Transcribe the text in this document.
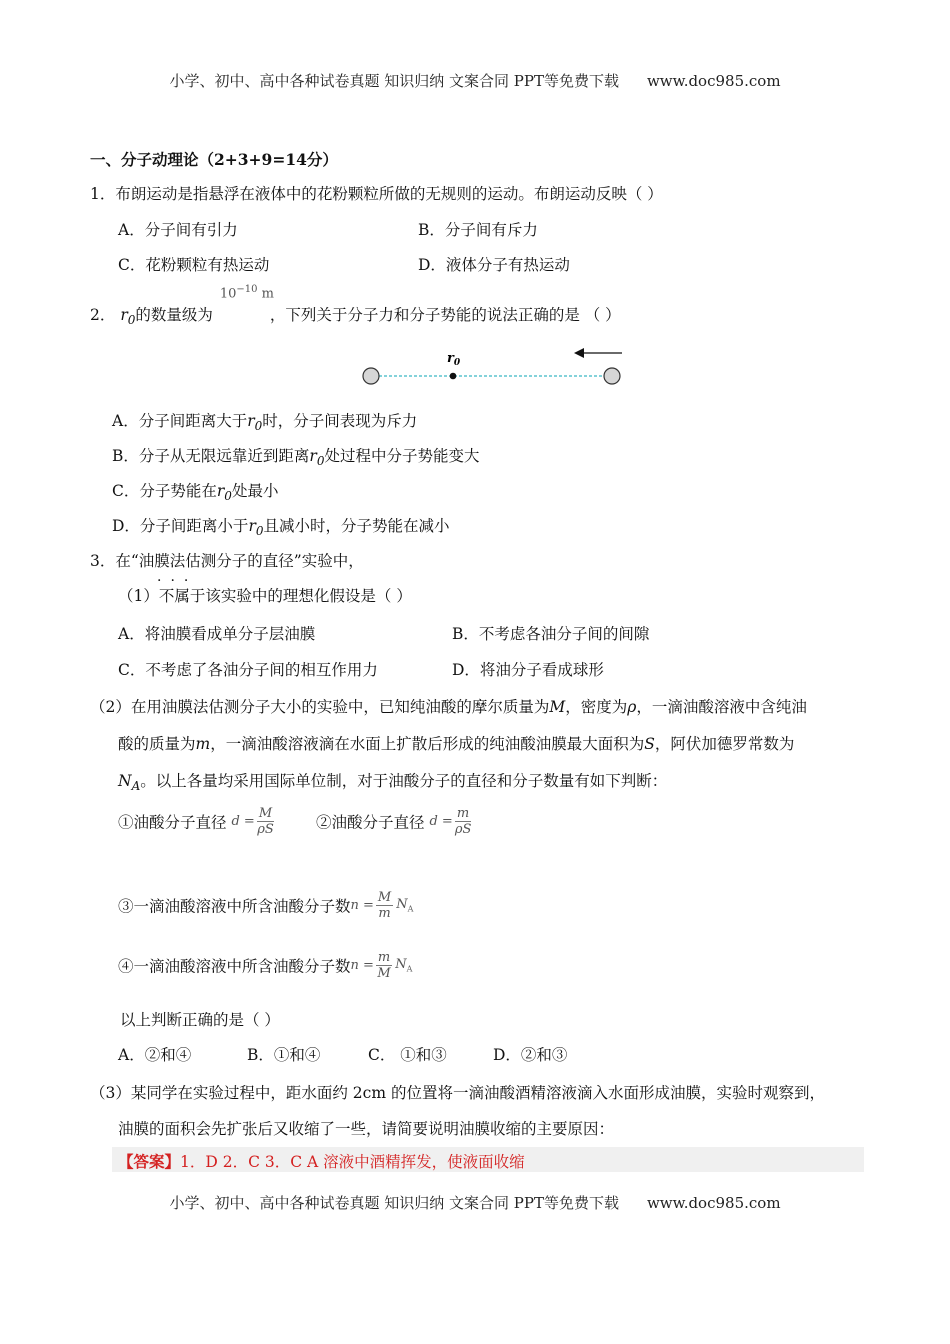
小学、初中、高中各种试卷真题 知识归纳 文案合同 PPT等免费下载 www.doc985.com
一、分子动理论（2+3+9=14分）
1．布朗运动是指悬浮在液体中的花粉颗粒所做的无规则的运动。布朗运动反映（ ）
A．分子间有引力	B．分子间有斥力
C．花粉颗粒有热运动	D．液体分子有热运动
2． $r_0$的数量级为
$10^{-10}$ m
，下列关于分子力和分子势能的说法正确的是 （ ）
$r_0$
A．分子间距离大于$r_0$时，分子间表现为斥力
B．分子从无限远靠近到距离$r_0$处过程中分子势能变大
C．分子势能在$r_0$处最小
D．分子间距离小于$r_0$且减小时，分子势能在减小
3．在“油膜法估测分子的直径”实验中，
···
（1）不属于该实验中的理想化假设是（ ）
A．将油膜看成单分子层油膜	B．不考虑各油分子间的间隙
C．不考虑了各油分子间的相互作用力	D．将油分子看成球形
（2）在用油膜法估测分子大小的实验中，已知纯油酸的摩尔质量为M，密度为ρ，一滴油酸溶液中含纯油
酸的质量为m，一滴油酸溶液滴在水面上扩散后形成的纯油酸油膜最大面积为S，阿伏加德罗常数为
$N_A$。以上各量均采用国际单位制，对于油酸分子的直径和分子数量有如下判断：
①油酸分子直径 $d = \frac{M}{\rho S}$	②油酸分子直径 $d = \frac{m}{\rho S}$
③一滴油酸溶液中所含油酸分子数$n = \frac{M}{m} N_A$
④一滴油酸溶液中所含油酸分子数$n = \frac{m}{M} N_A$
以上判断正确的是（ ）
A．②和④	B．①和④	C． ①和③	D．②和③
（3）某同学在实验过程中，距水面约 2cm 的位置将一滴油酸酒精溶液滴入水面形成油膜，实验时观察到，
油膜的面积会先扩张后又收缩了一些，请简要说明油膜收缩的主要原因：
【答案】1．D 2．C 3．C A 溶液中酒精挥发，使液面收缩
小学、初中、高中各种试卷真题 知识归纳 文案合同 PPT等免费下载 www.doc985.com
